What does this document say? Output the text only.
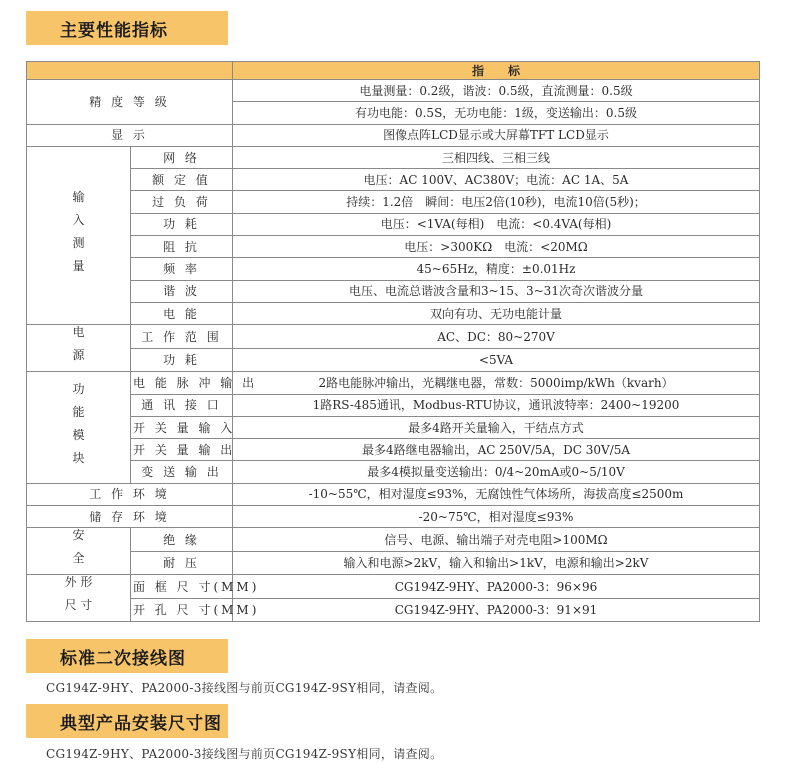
主要性能指标
		指　　标
精 度 等 级		电量测量：0.2级，谐波：0.5级，直流测量：0.5级
		有功电能：0.5S，无功电能：1级，变送输出：0.5级
显 示		图像点阵LCD显示或大屏幕TFT LCD显示

输
入
测
量	网 络	三相四线、三相三线
	额 定 值	电压：AC 100V、AC380V；电流：AC 1A、5A
	过 负 荷	持续：1.2倍　瞬间：电压2倍(10秒)，电流10倍(5秒)；
	功 耗	电压：<1VA(每相)　电流：<0.4VA(每相)
	阻 抗	电压：>300KΩ　电流：<20MΩ
	频 率	45~65Hz，精度：±0.01Hz
	谐 波	电压、电流总谐波含量和3~15、3~31次奇次谐波分量
	电 能	双向有功、无功电能计量

电
源	工 作 范 围	AC、DC：80~270V
	功 耗	<5VA

功
能
模
块	电 能 脉 冲 输 出	2路电能脉冲输出，光耦继电器，常数：5000imp/kWh（kvarh）
	通 讯 接 口	1路RS-485通讯，Modbus-RTU协议，通讯波特率：2400~19200
	开 关 量 输 入	最多4路开关量输入，干结点方式
	开 关 量 输 出	最多4路继电器输出，AC 250V/5A，DC 30V/5A
	变 送 输 出	最多4模拟量变送输出：0/4~20mA或0~5/10V
工 作 环 境		-10~55℃，相对湿度≤93%，无腐蚀性气体场所，海拔高度≤2500m
储 存 环 境		-20~75℃，相对湿度≤93%

安
全	绝 缘	信号、电源、输出端子对壳电阻>100MΩ
	耐 压	输入和电源>2kV，输入和输出>1kV，电源和输出>2kV

外 形
尺 寸	面 框 尺 寸(MM)	CG194Z-9HY、PA2000-3：96×96
	开 孔 尺 寸(MM)	CG194Z-9HY、PA2000-3：91×91
标准二次接线图
CG194Z-9HY、PA2000-3接线图与前页CG194Z-9SY相同，请查阅。
典型产品安装尺寸图
CG194Z-9HY、PA2000-3接线图与前页CG194Z-9SY相同，请查阅。
